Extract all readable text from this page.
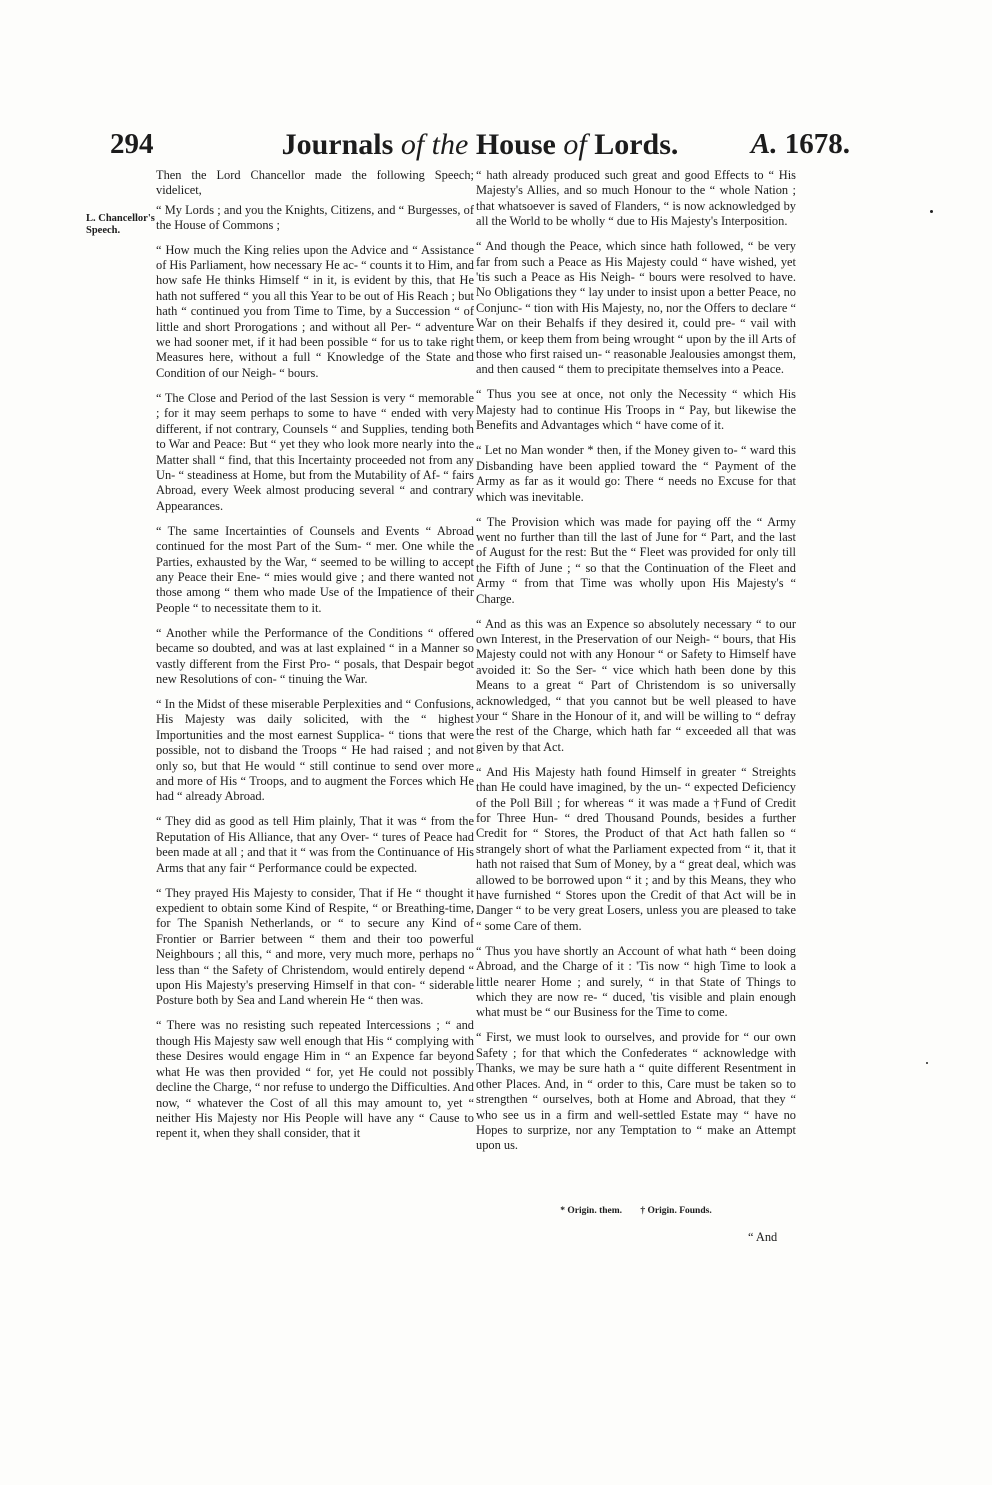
294	Journals of the House of Lords.	A. 1678.
L. Chancellor's Speech.

Then the Lord Chancellor made the following Speech; videlicet,

“ My Lords ; and you the Knights, Citizens, and “ Burgesses, of the House of Commons ;

“ How much the King relies upon the Advice and “ Assistance of His Parliament, how necessary He ac- “ counts it to Him, and how safe He thinks Himself “ in it, is evident by this, that He hath not suffered “ you all this Year to be out of His Reach ; but hath “ continued you from Time to Time, by a Succession “ of little and short Prorogations ; and without all Per- “ adventure we had sooner met, if it had been possible “ for us to take right Measures here, without a full “ Knowledge of the State and Condition of our Neigh- “ bours.

“ The Close and Period of the last Session is very “ memorable ; for it may seem perhaps to some to have “ ended with very different, if not contrary, Counsels “ and Supplies, tending both to War and Peace: But “ yet they who look more nearly into the Matter shall “ find, that this Incertainty proceeded not from any Un- “ steadiness at Home, but from the Mutability of Af- “ fairs Abroad, every Week almost producing several “ and contrary Appearances.

“ The same Incertainties of Counsels and Events “ Abroad continued for the most Part of the Sum- “ mer. One while the Parties, exhausted by the War, “ seemed to be willing to accept any Peace their Ene- “ mies would give ; and there wanted not those among “ them who made Use of the Impatience of their People “ to necessitate them to it.

“ Another while the Performance of the Conditions “ offered became so doubted, and was at last explained “ in a Manner so vastly different from the First Pro- “ posals, that Despair begot new Resolutions of con- “ tinuing the War.

“ In the Midst of these miserable Perplexities and “ Confusions, His Majesty was daily solicited, with the “ highest Importunities and the most earnest Supplica- “ tions that were possible, not to disband the Troops “ He had raised ; and not only so, but that He would “ still continue to send over more and more of His “ Troops, and to augment the Forces which He had “ already Abroad.

“ They did as good as tell Him plainly, That it was “ from the Reputation of His Alliance, that any Over- “ tures of Peace had been made at all ; and that it “ was from the Continuance of His Arms that any fair “ Performance could be expected.

“ They prayed His Majesty to consider, That if He “ thought it expedient to obtain some Kind of Respite, “ or Breathing-time, for The Spanish Netherlands, or “ to secure any Kind of Frontier or Barrier between “ them and their too powerful Neighbours ; all this, “ and more, very much more, perhaps no less than “ the Safety of Christendom, would entirely depend “ upon His Majesty's preserving Himself in that con- “ siderable Posture both by Sea and Land wherein He “ then was.

“ There was no resisting such repeated Intercessions ; “ and though His Majesty saw well enough that His “ complying with these Desires would engage Him in “ an Expence far beyond what He was then provided “ for, yet He could not possibly decline the Charge, “ nor refuse to undergo the Difficulties. And now, “ whatever the Cost of all this may amount to, yet “ neither His Majesty nor His People will have any “ Cause to repent it, when they shall consider, that it

“ hath already produced such great and good Effects to “ His Majesty's Allies, and so much Honour to the “ whole Nation ; that whatsoever is saved of Flanders, “ is now acknowledged by all the World to be wholly “ due to His Majesty's Interposition.

“ And though the Peace, which since hath followed, “ be very far from such a Peace as His Majesty could “ have wished, yet 'tis such a Peace as His Neigh- “ bours were resolved to have. No Obligations they “ lay under to insist upon a better Peace, no Conjunc- “ tion with His Majesty, no, nor the Offers to declare “ War on their Behalfs if they desired it, could pre- “ vail with them, or keep them from being wrought “ upon by the ill Arts of those who first raised un- “ reasonable Jealousies amongst them, and then caused “ them to precipitate themselves into a Peace.

“ Thus you see at once, not only the Necessity “ which His Majesty had to continue His Troops in “ Pay, but likewise the Benefits and Advantages which “ have come of it.

“ Let no Man wonder * then, if the Money given to- “ ward this Disbanding have been applied toward the “ Payment of the Army as far as it would go: There “ needs no Excuse for that which was inevitable.

“ The Provision which was made for paying off the “ Army went no further than till the last of June for “ Part, and the last of August for the rest: But the “ Fleet was provided for only till the Fifth of June ; “ so that the Continuation of the Fleet and Army “ from that Time was wholly upon His Majesty's “ Charge.

“ And as this was an Expence so absolutely necessary “ to our own Interest, in the Preservation of our Neigh- “ bours, that His Majesty could not with any Honour “ or Safety to Himself have avoided it: So the Ser- “ vice which hath been done by this Means to a great “ Part of Christendom is so universally acknowledged, “ that you cannot but be well pleased to have your “ Share in the Honour of it, and will be willing to “ defray the rest of the Charge, which hath far “ exceeded all that was given by that Act.

“ And His Majesty hath found Himself in greater “ Streights than He could have imagined, by the un- “ expected Deficiency of the Poll Bill ; for whereas “ it was made a †Fund of Credit for Three Hun- “ dred Thousand Pounds, besides a further Credit for “ Stores, the Product of that Act hath fallen so “ strangely short of what the Parliament expected from “ it, that it hath not raised that Sum of Money, by a “ great deal, which was allowed to be borrowed upon “ it ; and by this Means, they who have furnished “ Stores upon the Credit of that Act will be in Danger “ to be very great Losers, unless you are pleased to take “ some Care of them.

“ Thus you have shortly an Account of what hath “ been doing Abroad, and the Charge of it : 'Tis now “ high Time to look a little nearer Home ; and surely, “ in that State of Things to which they are now re- “ duced, 'tis visible and plain enough what must be “ our Business for the Time to come.

“ First, we must look to ourselves, and provide for “ our own Safety ; for that which the Confederates “ acknowledge with Thanks, we may be sure hath a “ quite different Resentment in other Places. And, in “ order to this, Care must be taken so to strengthen “ ourselves, both at Home and Abroad, that they “ who see us in a firm and well-settled Estate may “ have no Hopes to surprize, nor any Temptation to “ make an Attempt upon us.

* Origin. them. † Origin. Founds.
“ And
